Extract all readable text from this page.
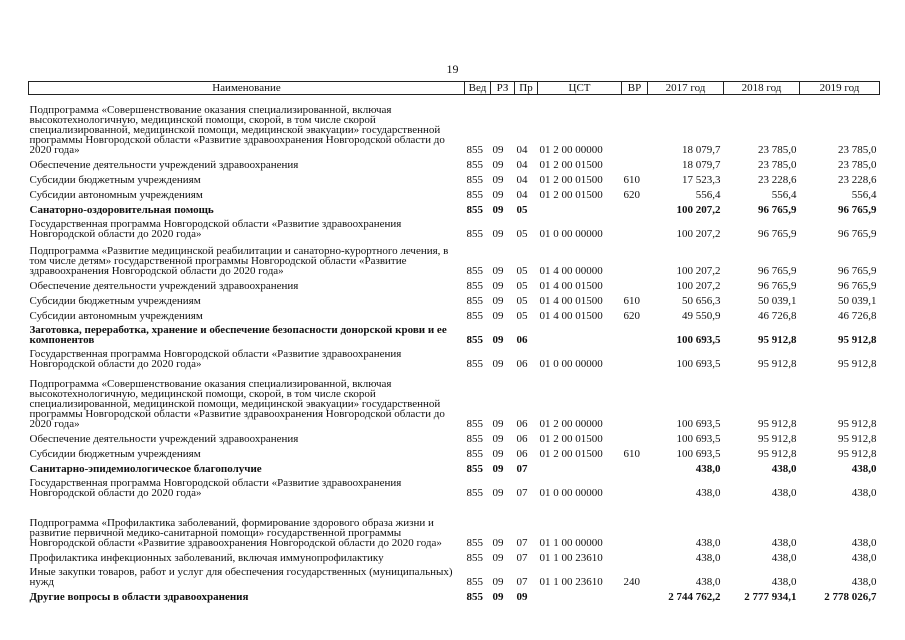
19
Наименование	Вед	РЗ	Пр	ЦСТ	ВР	2017 год	2018 год	2019 год
Подпрограмма «Совершенствование оказания специализированной, включая высокотехнологичную, медицинской помощи, скорой, в том числе скорой специализированной, медицинской помощи, медицинской эвакуации» государственной программы Новгородской области «Развитие здравоохранения Новгородской области до 2020 года»	855	09	04	01 2 00 00000		18 079,7	23 785,0	23 785,0
Обеспечение деятельности учреждений здравоохранения	855	09	04	01 2 00 01500		18 079,7	23 785,0	23 785,0
Субсидии бюджетным учреждениям	855	09	04	01 2 00 01500	610	17 523,3	23 228,6	23 228,6
Субсидии автономным учреждениям	855	09	04	01 2 00 01500	620	556,4	556,4	556,4
Санаторно-оздоровительная помощь	855	09	05			100 207,2	96 765,9	96 765,9
Государственная программа Новгородской области «Развитие здравоохранения Новгородской области до 2020 года»	855	09	05	01 0 00 00000		100 207,2	96 765,9	96 765,9
Подпрограмма «Развитие медицинской реабилитации и санаторно-курортного лечения, в том числе детям» государственной программы Новгородской области «Развитие здравоохранения Новгородской области до 2020 года»	855	09	05	01 4 00 00000		100 207,2	96 765,9	96 765,9
Обеспечение деятельности учреждений здравоохранения	855	09	05	01 4 00 01500		100 207,2	96 765,9	96 765,9
Субсидии бюджетным учреждениям	855	09	05	01 4 00 01500	610	50 656,3	50 039,1	50 039,1
Субсидии автономным учреждениям	855	09	05	01 4 00 01500	620	49 550,9	46 726,8	46 726,8
Заготовка, переработка, хранение и обеспечение безопасности донорской крови и ее компонентов	855	09	06			100 693,5	95 912,8	95 912,8
Государственная программа Новгородской области «Развитие здравоохранения Новгородской области до 2020 года»	855	09	06	01 0 00 00000		100 693,5	95 912,8	95 912,8
Подпрограмма «Совершенствование оказания специализированной, включая высокотехнологичную, медицинской помощи, скорой, в том числе скорой специализированной, медицинской помощи, медицинской эвакуации» государственной программы Новгородской области «Развитие здравоохранения Новгородской области до 2020 года»	855	09	06	01 2 00 00000		100 693,5	95 912,8	95 912,8
Обеспечение деятельности учреждений здравоохранения	855	09	06	01 2 00 01500		100 693,5	95 912,8	95 912,8
Субсидии бюджетным учреждениям	855	09	06	01 2 00 01500	610	100 693,5	95 912,8	95 912,8
Санитарно-эпидемиологическое благополучие	855	09	07			438,0	438,0	438,0
Государственная программа Новгородской области «Развитие здравоохранения Новгородской области до 2020 года»	855	09	07	01 0 00 00000		438,0	438,0	438,0
Подпрограмма «Профилактика заболеваний, формирование здорового образа жизни и развитие первичной медико-санитарной помощи» государственной программы Новгородской области «Развитие здравоохранения Новгородской области до 2020 года»	855	09	07	01 1 00 00000		438,0	438,0	438,0
Профилактика инфекционных заболеваний, включая иммунопрофилактику	855	09	07	01 1 00 23610		438,0	438,0	438,0
Иные закупки товаров, работ и услуг для обеспечения государственных (муниципальных) нужд	855	09	07	01 1 00 23610	240	438,0	438,0	438,0
Другие вопросы в области здравоохранения	855	09	09			2 744 762,2	2 777 934,1	2 778 026,7
